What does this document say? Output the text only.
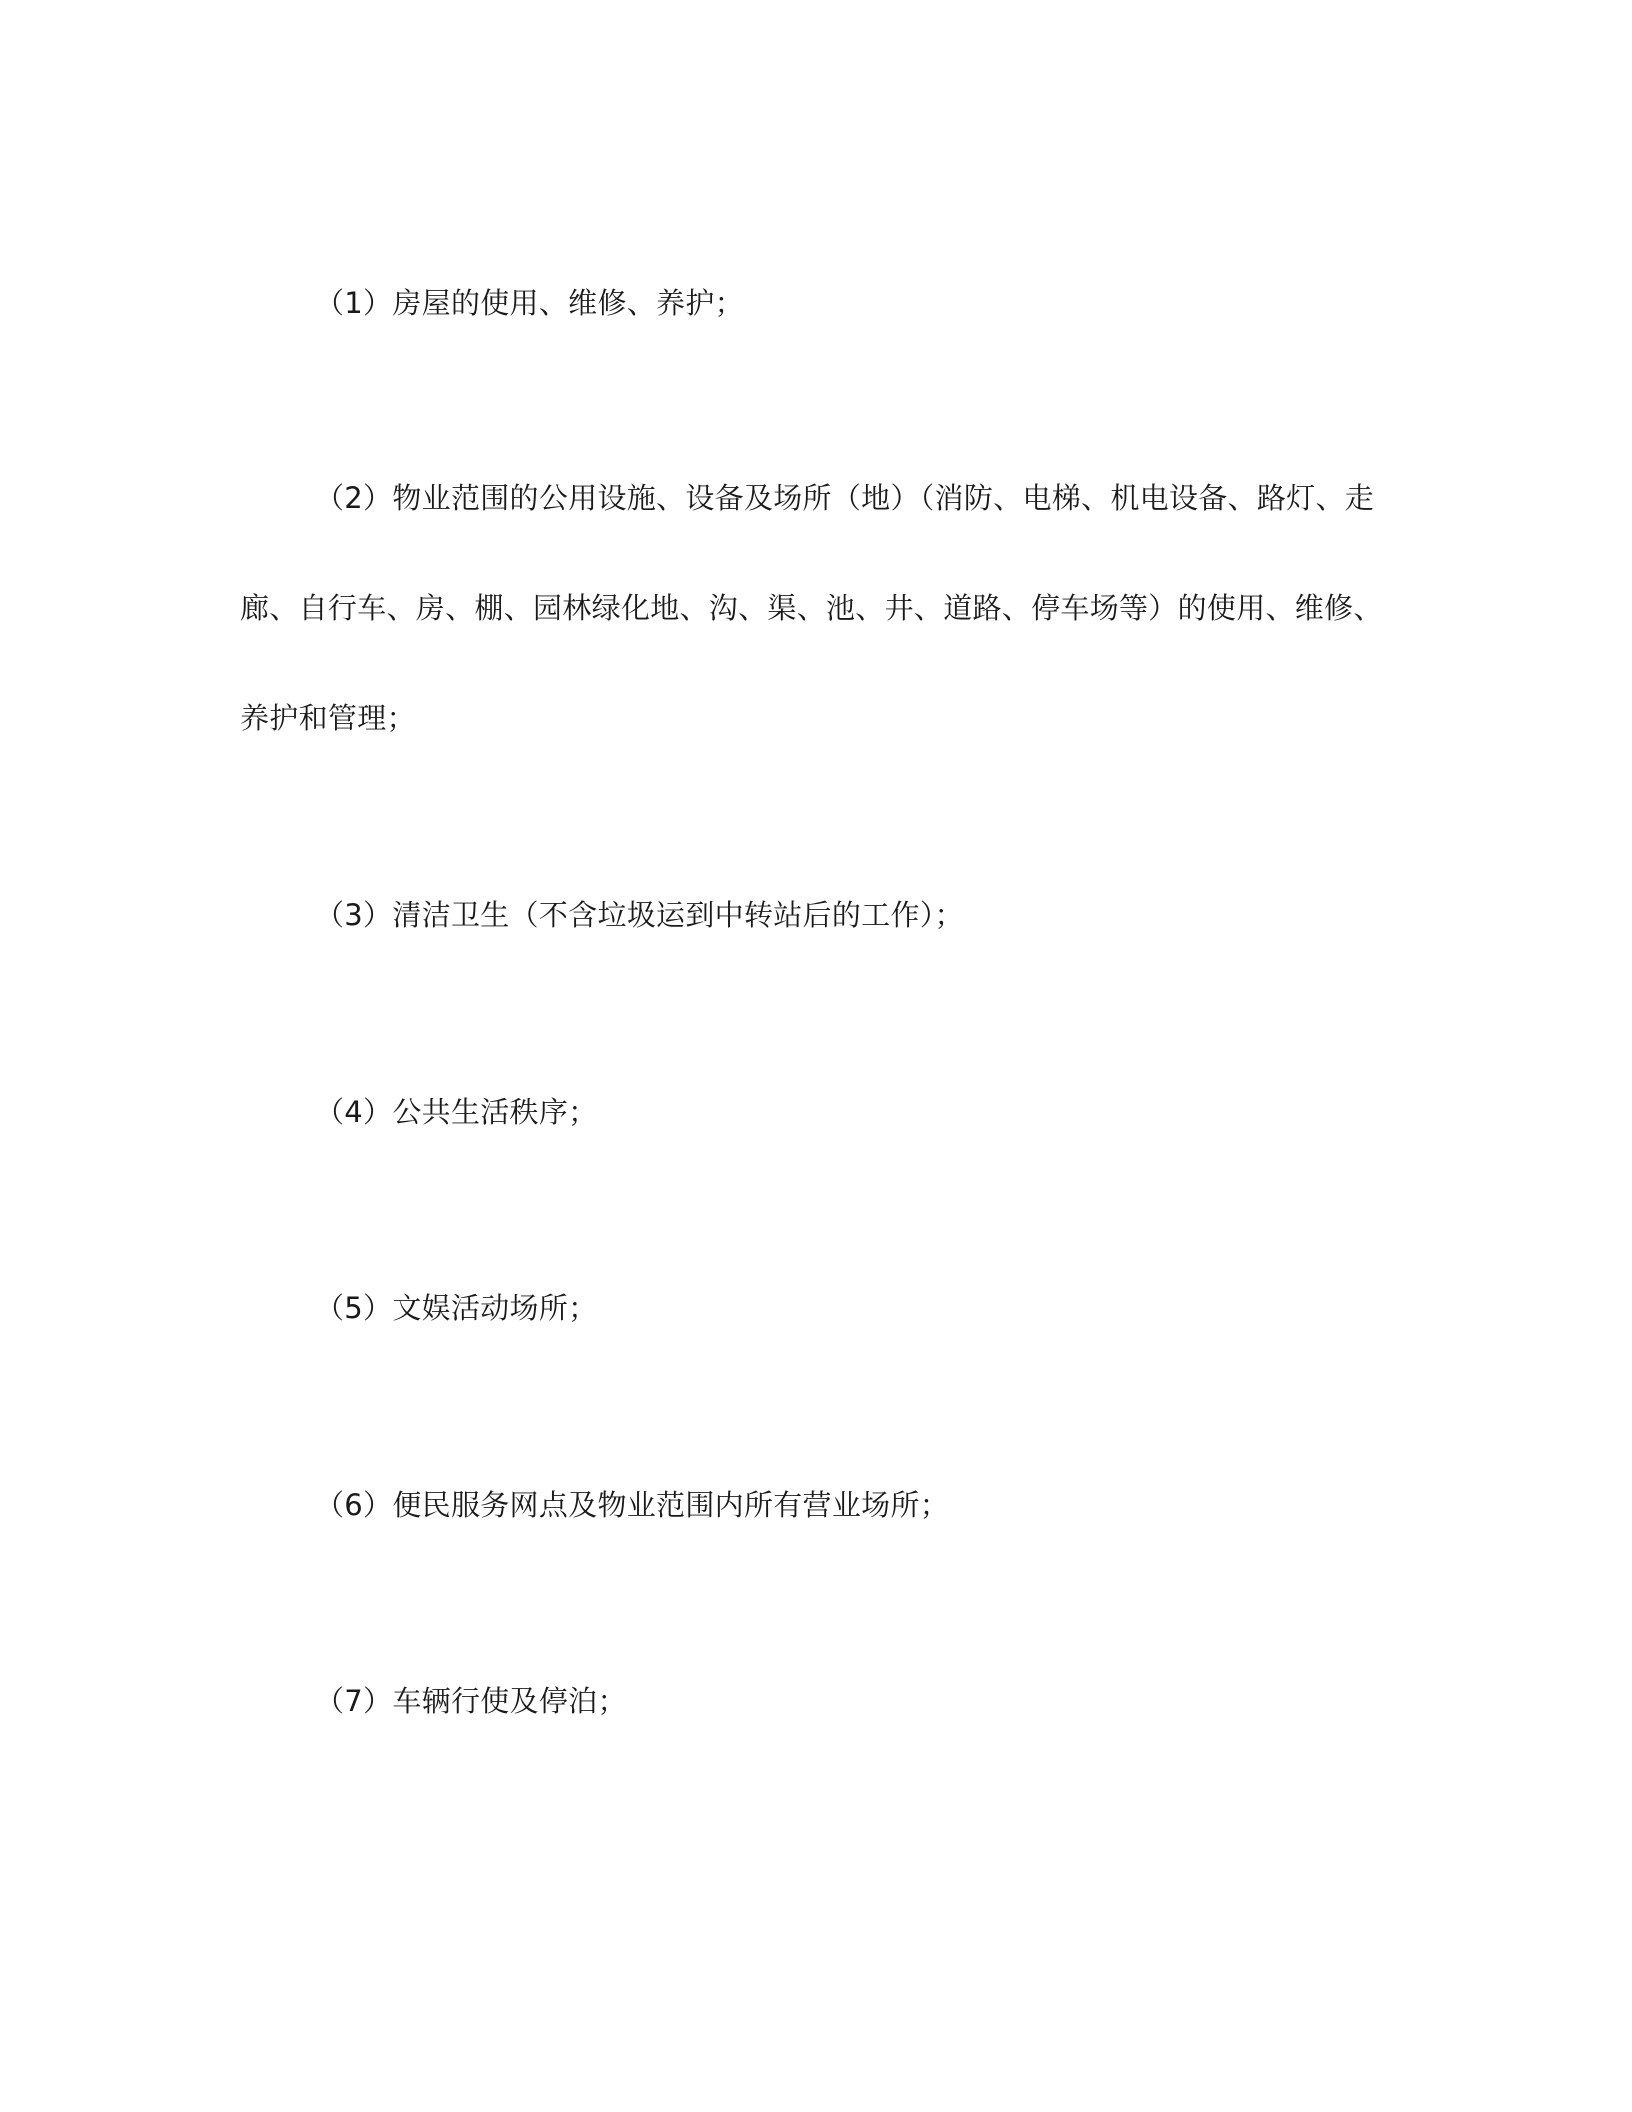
（1）房屋的使用、维修、养护；

（2）物业范围的公用设施、设备及场所（地）（消防、电梯、机电设备、路灯、走廊、自行车、房、棚、园林绿化地、沟、渠、池、井、道路、停车场等）的使用、维修、养护和管理；

（3）清洁卫生（不含垃圾运到中转站后的工作）；

（4）公共生活秩序；

（5）文娱活动场所；

（6）便民服务网点及物业范围内所有营业场所；

（7）车辆行使及停泊；
